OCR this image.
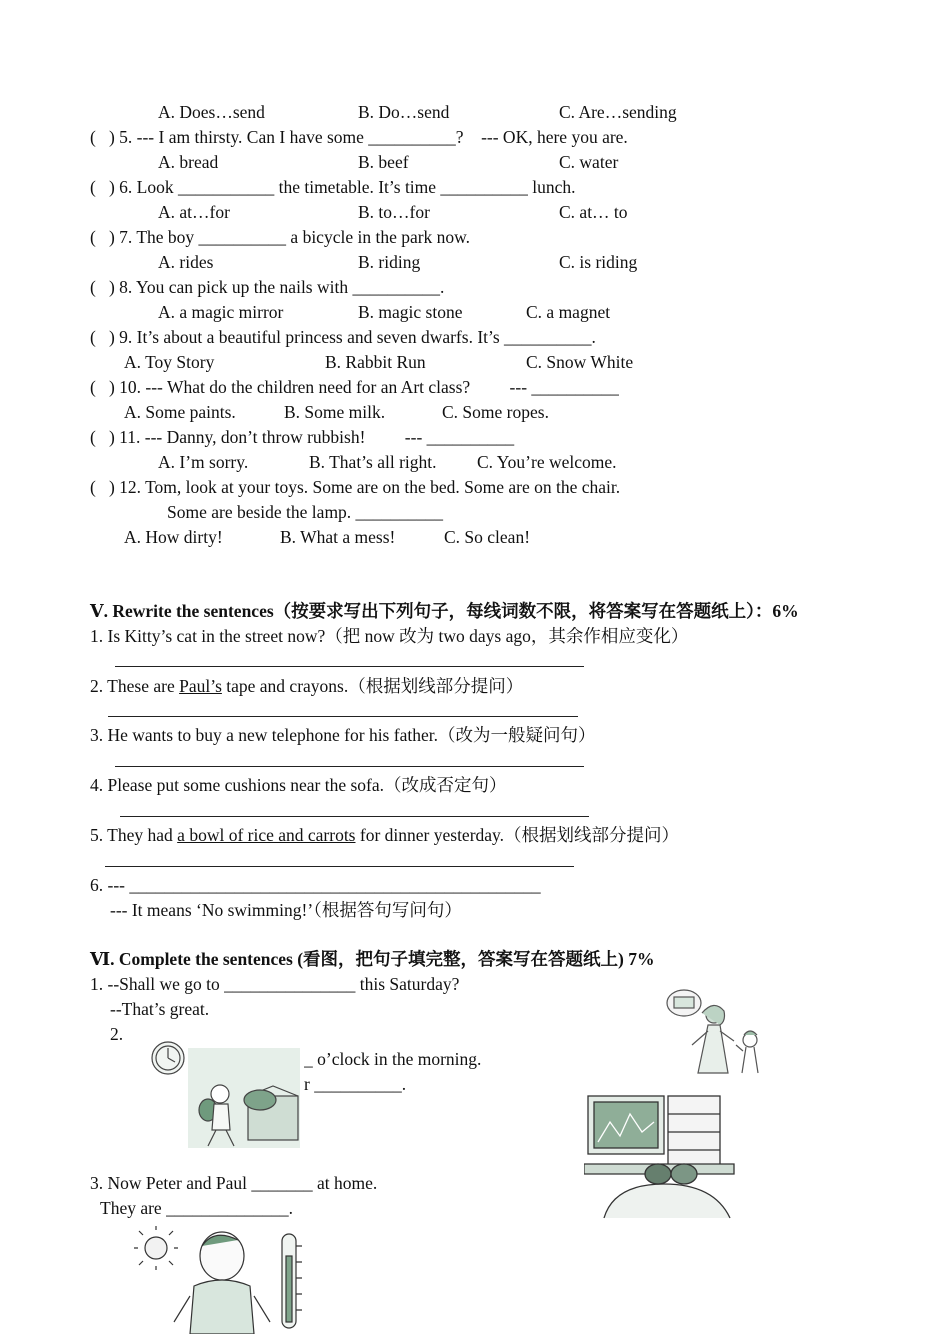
A. Does…send	B. Do…send	C. Are…sending
(   ) 5. --- I am thirsty. Can I have some __________?    --- OK, here you are.
A. bread	B. beef	C. water
(   ) 6. Look ___________ the timetable. It’s time __________ lunch.
A. at…for	B. to…for	C. at… to
(   ) 7. The boy __________ a bicycle in the park now.
A. rides	B. riding	C. is riding
(   ) 8. You can pick up the nails with __________.
A. a magic mirror	B. magic stone	C. a magnet
(   ) 9. It’s about a beautiful princess and seven dwarfs. It’s __________.
A. Toy Story	B. Rabbit Run	C. Snow White
(   ) 10. --- What do the children need for an Art class?         --- __________
A. Some paints.	B. Some milk.	C. Some ropes.
(   ) 11. --- Danny, don’t throw rubbish!         --- __________
A. I’m sorry.	B. That’s all right. C. You’re welcome.
(   ) 12. Tom, look at your toys. Some are on the bed. Some are on the chair.
Some are beside the lamp. __________
A. How dirty!	B. What a mess!	C. So clean!
Ⅴ. Rewrite the sentences（按要求写出下列句子，每线词数不限，将答案写在答题纸上）：6%
1. Is Kitty’s cat in the street now?（把 now 改为 two days ago，其余作相应变化）
2. These are Paul’s tape and crayons.（根据划线部分提问）
3. He wants to buy a new telephone for his father.（改为一般疑问句）
4. Please put some cushions near the sofa.（改成否定句）
5. They had a bowl of rice and carrots for dinner yesterday.（根据划线部分提问）
6. --- _______________________________________________
--- It means ‘No swimming!’（根据答句写问句）
Ⅵ. Complete the sentences (看图，把句子填完整，答案写在答题纸上) 7%
1. --Shall we go to _______________ this Saturday?
--That’s great.
2.
_ o’clock in the morning.
r __________.
3. Now Peter and Paul _______ at home.
They are ______________.
